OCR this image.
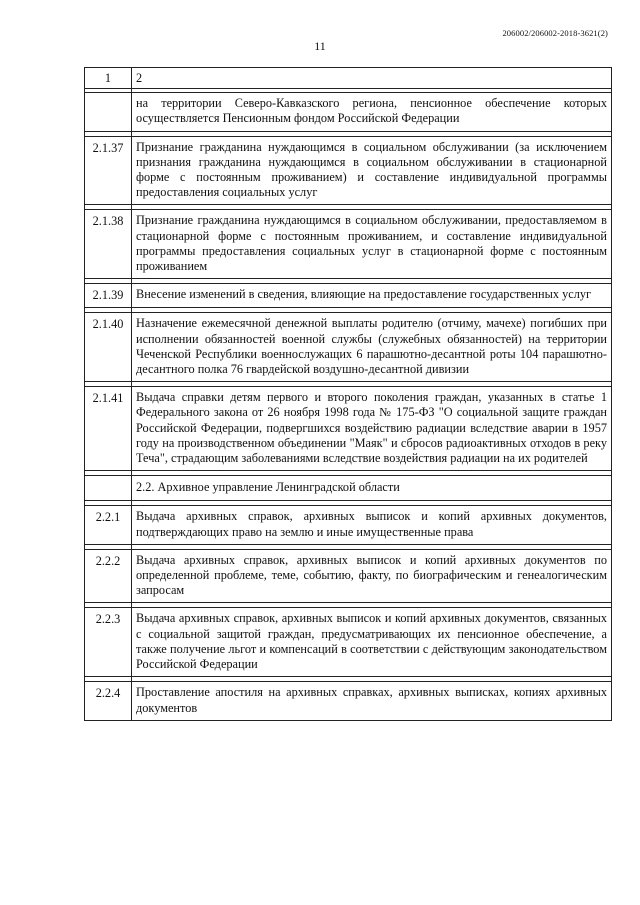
206002/206002-2018-3621(2)
11
1	2

	на территории Северо-Кавказского региона, пенсионное обеспечение которых осуществляется Пенсионным фондом Российской Федерации

2.1.37	Признание гражданина нуждающимся в социальном обслуживании (за исключением признания гражданина нуждающимся в социальном обслуживании в стационарной форме с постоянным проживанием) и составление индивидуальной программы предоставления социальных услуг

2.1.38	Признание гражданина нуждающимся в социальном обслуживании, предоставляемом в стационарной форме с постоянным проживанием, и составление индивидуальной программы предоставления социальных услуг в стационарной форме с постоянным проживанием

2.1.39	Внесение изменений в сведения, влияющие на предоставление государственных услуг

2.1.40	Назначение ежемесячной денежной выплаты родителю (отчиму, мачехе) погибших при исполнении обязанностей военной службы (служебных обязанностей) на территории Чеченской Республики военнослужащих 6 парашютно-десантной роты 104 парашютно-десантного полка 76 гвардейской воздушно-десантной дивизии

2.1.41	Выдача справки детям первого и второго поколения граждан, указанных в статье 1 Федерального закона от 26 ноября 1998 года № 175-ФЗ "О социальной защите граждан Российской Федерации, подвергшихся воздействию радиации вследствие аварии в 1957 году на производственном объединении "Маяк" и сбросов радиоактивных отходов в реку Теча", страдающим заболеваниями вследствие воздействия радиации на их родителей

	2.2. Архивное управление Ленинградской области

2.2.1	Выдача архивных справок, архивных выписок и копий архивных документов, подтверждающих право на землю и иные имущественные права

2.2.2	Выдача архивных справок, архивных выписок и копий архивных документов по определенной проблеме, теме, событию, факту, по биографическим и генеалогическим запросам

2.2.3	Выдача архивных справок, архивных выписок и копий архивных документов, связанных с социальной защитой граждан, предусматривающих их пенсионное обеспечение, а также получение льгот и компенсаций в соответствии с действующим законодательством Российской Федерации

2.2.4	Проставление апостиля на архивных справках, архивных выписках, копиях архивных документов
